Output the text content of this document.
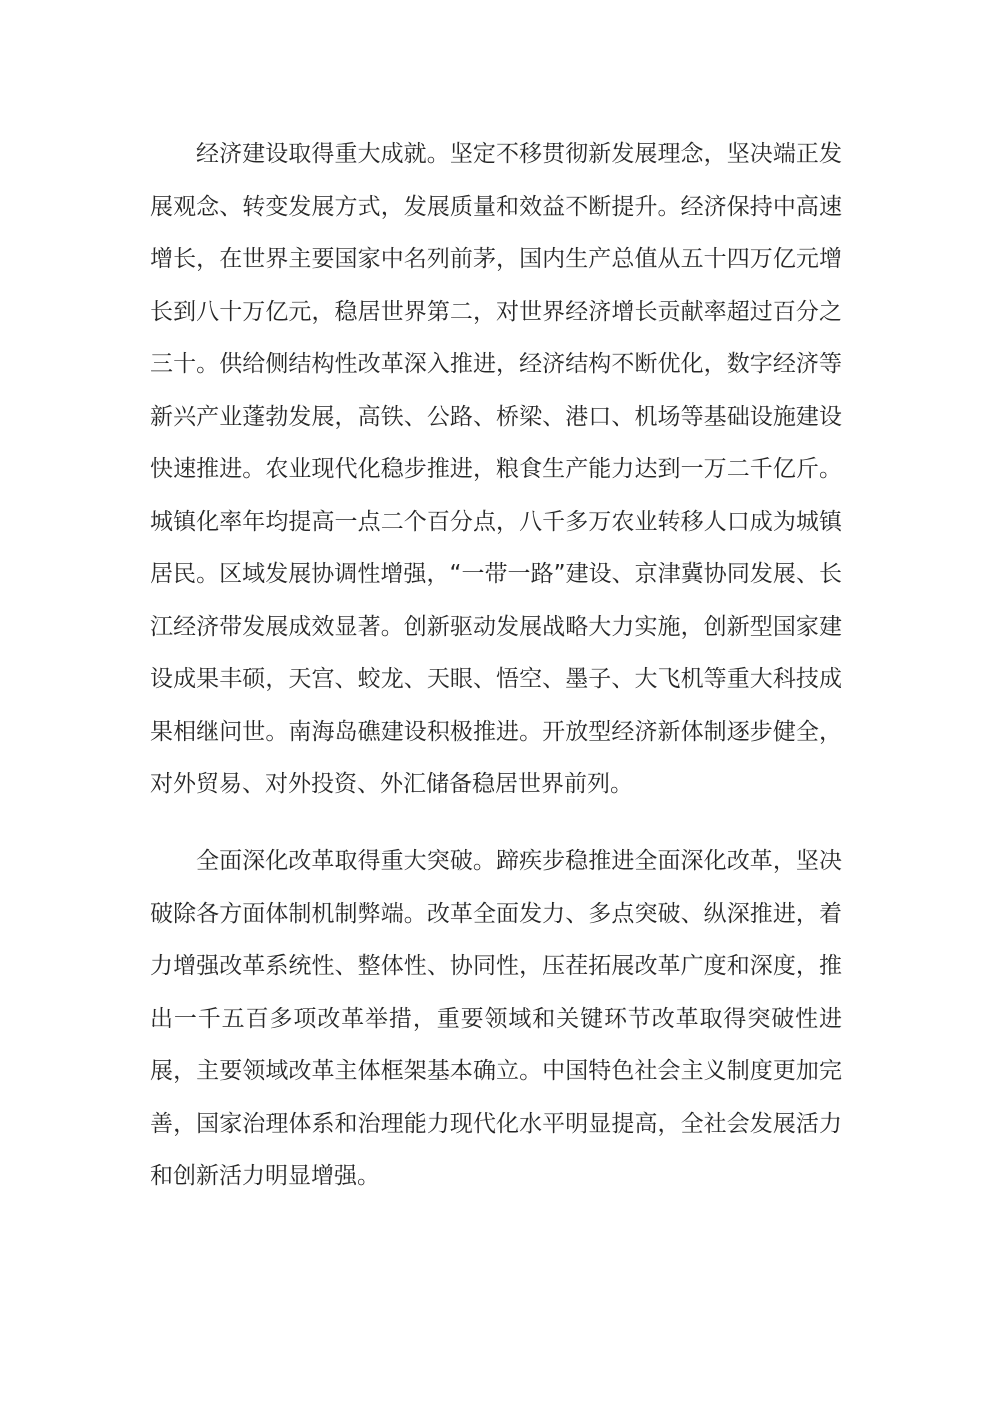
经济建设取得重大成就。坚定不移贯彻新发展理念，坚决端正发展观念、转变发展方式，发展质量和效益不断提升。经济保持中高速增长，在世界主要国家中名列前茅，国内生产总值从五十四万亿元增长到八十万亿元，稳居世界第二，对世界经济增长贡献率超过百分之三十。供给侧结构性改革深入推进，经济结构不断优化，数字经济等新兴产业蓬勃发展，高铁、公路、桥梁、港口、机场等基础设施建设快速推进。农业现代化稳步推进，粮食生产能力达到一万二千亿斤。城镇化率年均提高一点二个百分点，八千多万农业转移人口成为城镇居民。区域发展协调性增强，“一带一路”建设、京津冀协同发展、长江经济带发展成效显著。创新驱动发展战略大力实施，创新型国家建设成果丰硕，天宫、蛟龙、天眼、悟空、墨子、大飞机等重大科技成果相继问世。南海岛礁建设积极推进。开放型经济新体制逐步健全，对外贸易、对外投资、外汇储备稳居世界前列。

全面深化改革取得重大突破。蹄疾步稳推进全面深化改革，坚决破除各方面体制机制弊端。改革全面发力、多点突破、纵深推进，着力增强改革系统性、整体性、协同性，压茬拓展改革广度和深度，推出一千五百多项改革举措，重要领域和关键环节改革取得突破性进展，主要领域改革主体框架基本确立。中国特色社会主义制度更加完善，国家治理体系和治理能力现代化水平明显提高，全社会发展活力和创新活力明显增强。
